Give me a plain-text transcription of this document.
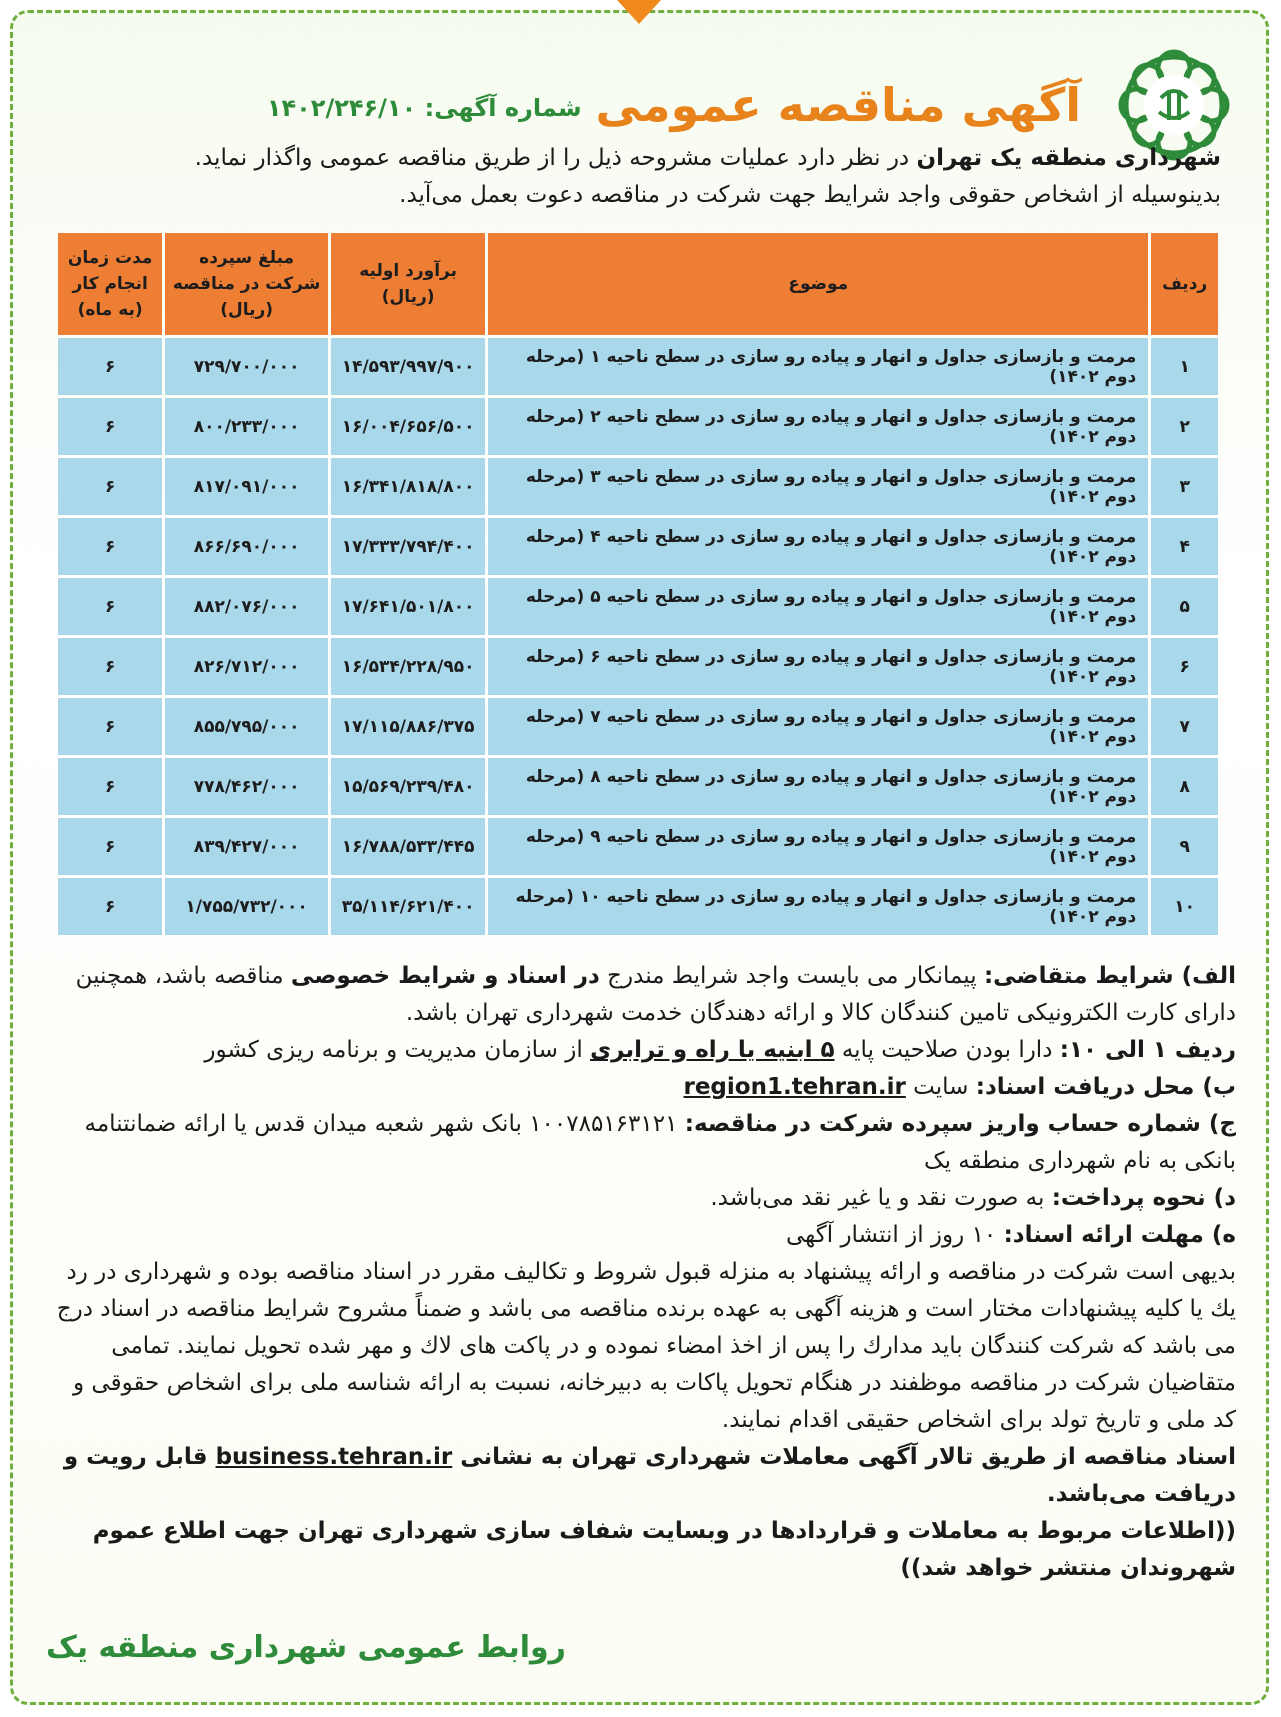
آگهی مناقصه عمومی
شماره آگهی: ۱۴۰۲/۲۴۶/۱۰
شهرداری منطقه یک تهران در نظر دارد عملیات مشروحه ذیل را از طریق مناقصه عمومی واگذار نماید.
بدینوسیله از اشخاص حقوقی واجد شرایط جهت شرکت در مناقصه دعوت بعمل می‌آید.
ردیف	موضوع	برآورد اولیه (ریال)	مبلغ سپرده شرکت در مناقصه (ریال)	مدت زمان انجام کار (به ماه)
۱	مرمت و بازسازی جداول و انهار و پیاده رو سازی در سطح ناحیه ۱ (مرحله دوم ۱۴۰۲)	۱۴/۵۹۳/۹۹۷/۹۰۰	۷۲۹/۷۰۰/۰۰۰	۶
۲	مرمت و بازسازی جداول و انهار و پیاده رو سازی در سطح ناحیه ۲ (مرحله دوم ۱۴۰۲)	۱۶/۰۰۴/۶۵۶/۵۰۰	۸۰۰/۲۳۳/۰۰۰	۶
۳	مرمت و بازسازی جداول و انهار و پیاده رو سازی در سطح ناحیه ۳ (مرحله دوم ۱۴۰۲)	۱۶/۳۴۱/۸۱۸/۸۰۰	۸۱۷/۰۹۱/۰۰۰	۶
۴	مرمت و بازسازی جداول و انهار و پیاده رو سازی در سطح ناحیه ۴ (مرحله دوم ۱۴۰۲)	۱۷/۳۳۳/۷۹۴/۴۰۰	۸۶۶/۶۹۰/۰۰۰	۶
۵	مرمت و بازسازی جداول و انهار و پیاده رو سازی در سطح ناحیه ۵ (مرحله دوم ۱۴۰۲)	۱۷/۶۴۱/۵۰۱/۸۰۰	۸۸۲/۰۷۶/۰۰۰	۶
۶	مرمت و بازسازی جداول و انهار و پیاده رو سازی در سطح ناحیه ۶ (مرحله دوم ۱۴۰۲)	۱۶/۵۳۴/۲۲۸/۹۵۰	۸۲۶/۷۱۲/۰۰۰	۶
۷	مرمت و بازسازی جداول و انهار و پیاده رو سازی در سطح ناحیه ۷ (مرحله دوم ۱۴۰۲)	۱۷/۱۱۵/۸۸۶/۳۷۵	۸۵۵/۷۹۵/۰۰۰	۶
۸	مرمت و بازسازی جداول و انهار و پیاده رو سازی در سطح ناحیه ۸ (مرحله دوم ۱۴۰۲)	۱۵/۵۶۹/۲۳۹/۴۸۰	۷۷۸/۴۶۲/۰۰۰	۶
۹	مرمت و بازسازی جداول و انهار و پیاده رو سازی در سطح ناحیه ۹ (مرحله دوم ۱۴۰۲)	۱۶/۷۸۸/۵۳۳/۴۴۵	۸۳۹/۴۲۷/۰۰۰	۶
۱۰	مرمت و بازسازی جداول و انهار و پیاده رو سازی در سطح ناحیه ۱۰ (مرحله دوم ۱۴۰۲)	۳۵/۱۱۴/۶۲۱/۴۰۰	۱/۷۵۵/۷۳۲/۰۰۰	۶

الف) شرایط متقاضی: پیمانکار می بایست واجد شرایط مندرج در اسناد و شرایط خصوصی مناقصه باشد، همچنین دارای کارت الکترونیکی تامین کنندگان کالا و ارائه دهندگان خدمت شهرداری تهران باشد.

ردیف ۱ الی ۱۰: دارا بودن صلاحیت پایه ۵ ابنیه یا راه و ترابری از سازمان مدیریت و برنامه ریزی کشور

ب) محل دریافت اسناد: سایت region1.tehran.ir

ج) شماره حساب واریز سپرده شرکت در مناقصه: ۱۰۰۷۸۵۱۶۳۱۲۱ بانک شهر شعبه میدان قدس یا ارائه ضمانتنامه بانکی به نام شهرداری منطقه یک

د) نحوه پرداخت: به صورت نقد و یا غیر نقد می‌باشد.

ه) مهلت ارائه اسناد: ۱۰ روز از انتشار آگهی

بدیهی است شرکت در مناقصه و ارائه پیشنهاد به منزله قبول شروط و تکالیف مقرر در اسناد مناقصه بوده و شهرداری در رد یك یا کلیه پیشنهادات مختار است و هزینه آگهی به عهده برنده مناقصه می باشد و ضمناً مشروح شرایط مناقصه در اسناد درج می باشد که شرکت کنندگان باید مدارك را پس از اخذ امضاء نموده و در پاکت های لاك و مهر شده تحویل نمایند. تمامی متقاضیان شرکت در مناقصه موظفند در هنگام تحویل پاکات به دبیرخانه، نسبت به ارائه شناسه ملی برای اشخاص حقوقی و کد ملی و تاریخ تولد برای اشخاص حقیقی اقدام نمایند.

اسناد مناقصه از طریق تالار آگهی معاملات شهرداری تهران به نشانی business.tehran.ir قابل رویت و دریافت می‌باشد.

((اطلاعات مربوط به معاملات و قراردادها در وبسایت شفاف سازی شهرداری تهران جهت اطلاع عموم شهروندان منتشر خواهد شد))

روابط عمومی شهرداری منطقه یک
